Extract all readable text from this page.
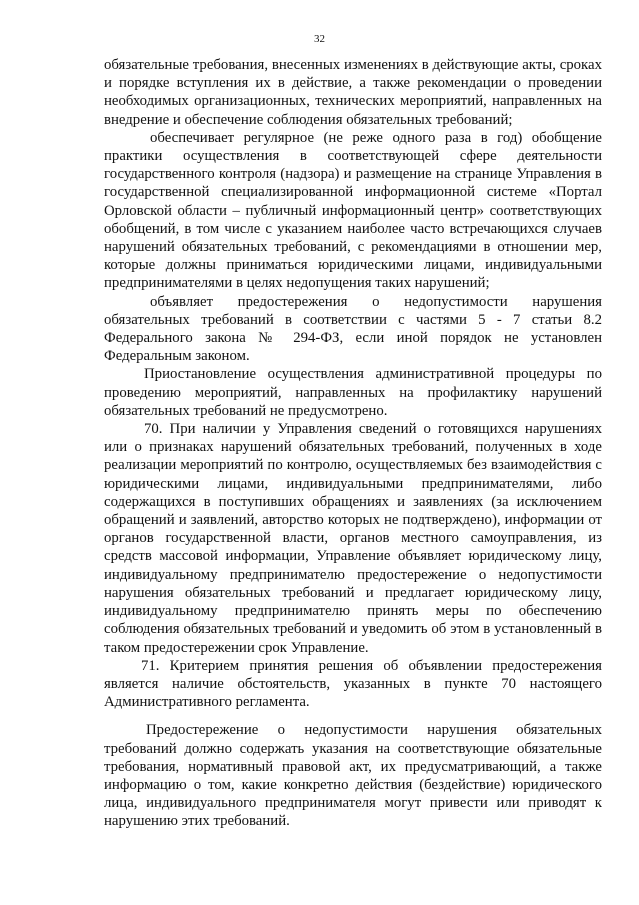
32

обязательные требования, внесенных изменениях в действующие акты, сроках и порядке вступления их в действие, а также рекомендации о проведении необходимых организационных, технических мероприятий, направленных на внедрение и обеспечение соблюдения обязательных требований;

обеспечивает регулярное (не реже одного раза в год) обобщение практики осуществления в соответствующей сфере деятельности государственного контроля (надзора) и размещение на странице Управления в государственной специализированной информационной системе «Портал Орловской области – публичный информационный центр» соответствующих обобщений, в том числе с указанием наиболее часто встречающихся случаев нарушений обязательных требований, с рекомендациями в отношении мер, которые должны приниматься юридическими лицами, индивидуальными предпринимателями в целях недопущения таких нарушений;

объявляет предостережения о недопустимости нарушения обязательных требований в соответствии с частями 5 - 7 статьи 8.2 Федерального закона № 294-ФЗ, если иной порядок не установлен Федеральным законом.

Приостановление осуществления административной процедуры по проведению мероприятий, направленных на профилактику нарушений обязательных требований не предусмотрено.

70. При наличии у Управления сведений о готовящихся нарушениях или о признаках нарушений обязательных требований, полученных в ходе реализации мероприятий по контролю, осуществляемых без взаимодействия с юридическими лицами, индивидуальными предпринимателями, либо содержащихся в поступивших обращениях и заявлениях (за исключением обращений и заявлений, авторство которых не подтверждено), информации от органов государственной власти, органов местного самоуправления, из средств массовой информации, Управление объявляет юридическому лицу, индивидуальному предпринимателю предостережение о недопустимости нарушения обязательных требований и предлагает юридическому лицу, индивидуальному предпринимателю принять меры по обеспечению соблюдения обязательных требований и уведомить об этом в установленный в таком предостережении срок Управление.

71. Критерием принятия решения об объявлении предостережения является наличие обстоятельств, указанных в пункте 70 настоящего Административного регламента.

Предостережение о недопустимости нарушения обязательных требований должно содержать указания на соответствующие обязательные требования, нормативный правовой акт, их предусматривающий, а также информацию о том, какие конкретно действия (бездействие) юридического лица, индивидуального предпринимателя могут привести или приводят к нарушению этих требований.
